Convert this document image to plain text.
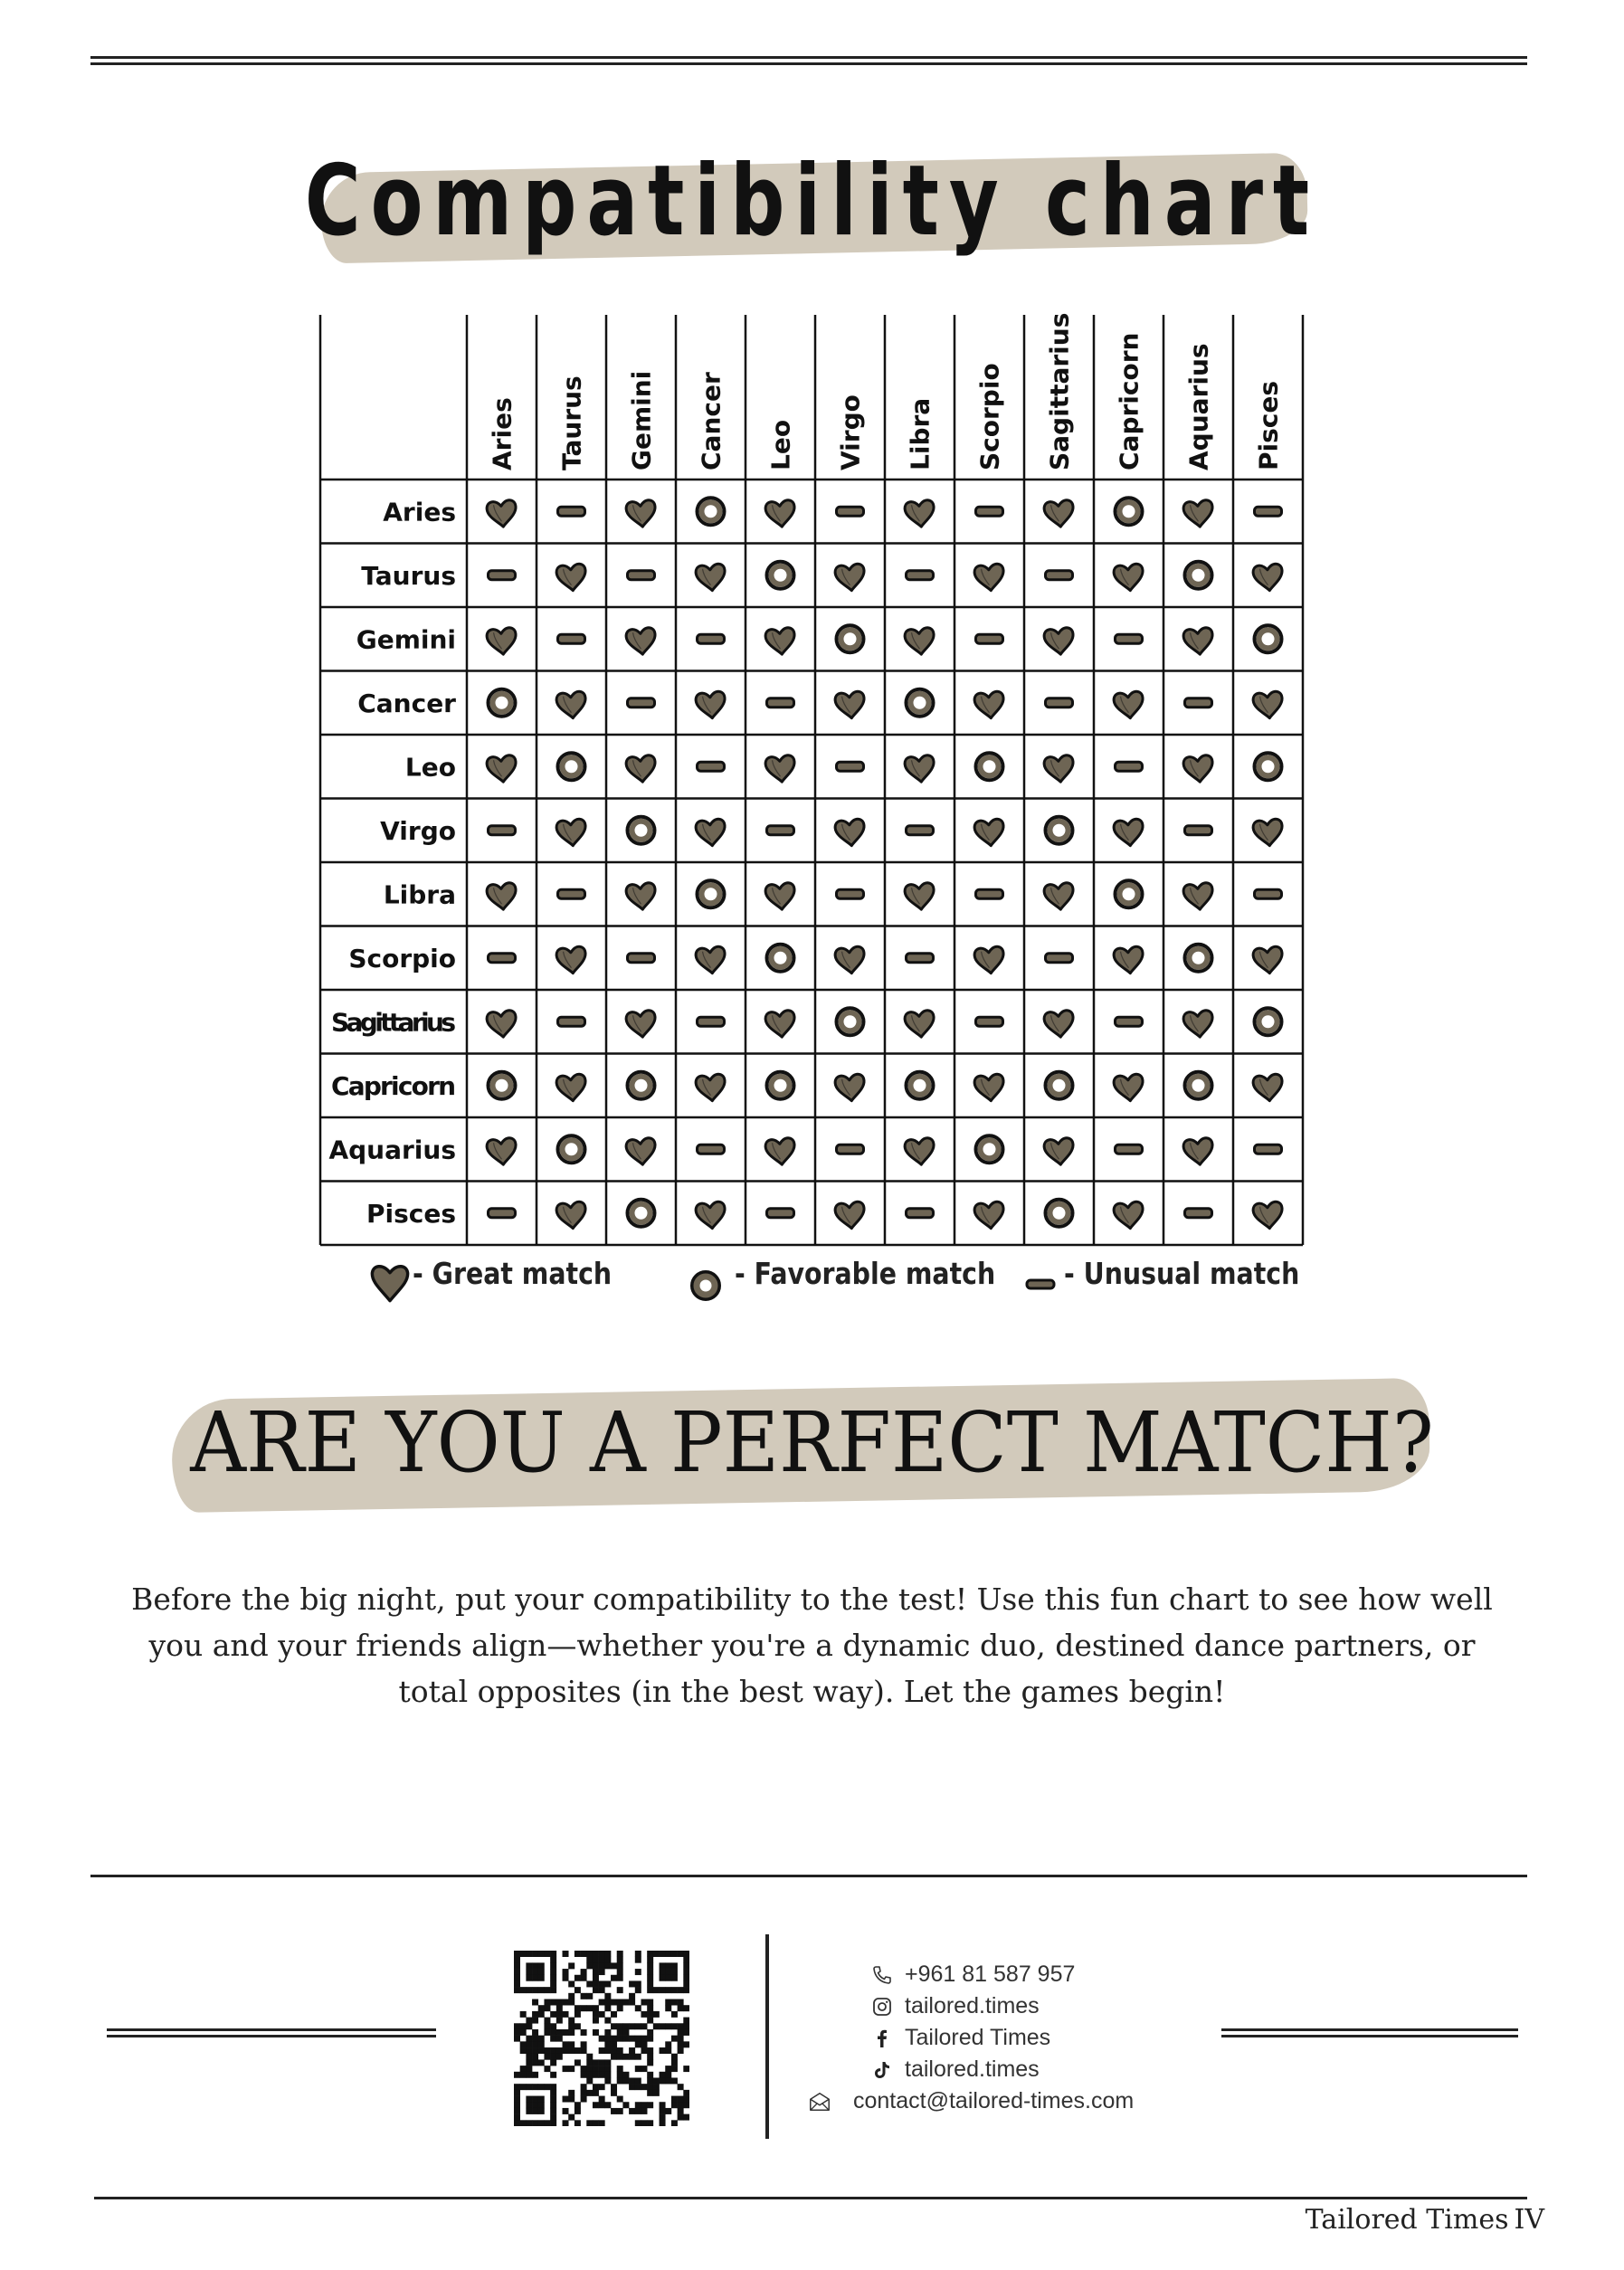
Compatibility chart
Aries Taurus Gemini Cancer Leo Virgo Libra Scorpio Sagittarius Capricorn Aquarius Pisces
Aries
Taurus
Gemini
Cancer
Leo
Virgo
Libra
Scorpio
Sagittarius
Capricorn
Aquarius
Pisces
- Great match	- Favorable match - Unusual match
ARE YOU A PERFECT MATCH?
Before the big night, put your compatibility to the test! Use this fun chart to see how well you and your friends align—whether you're a dynamic duo, destined dance partners, or total opposites (in the best way). Let the games begin!
+961 81 587 957
tailored.times
Tailored Times
tailored.times
contact@tailored-times.com
Tailored Times IV
